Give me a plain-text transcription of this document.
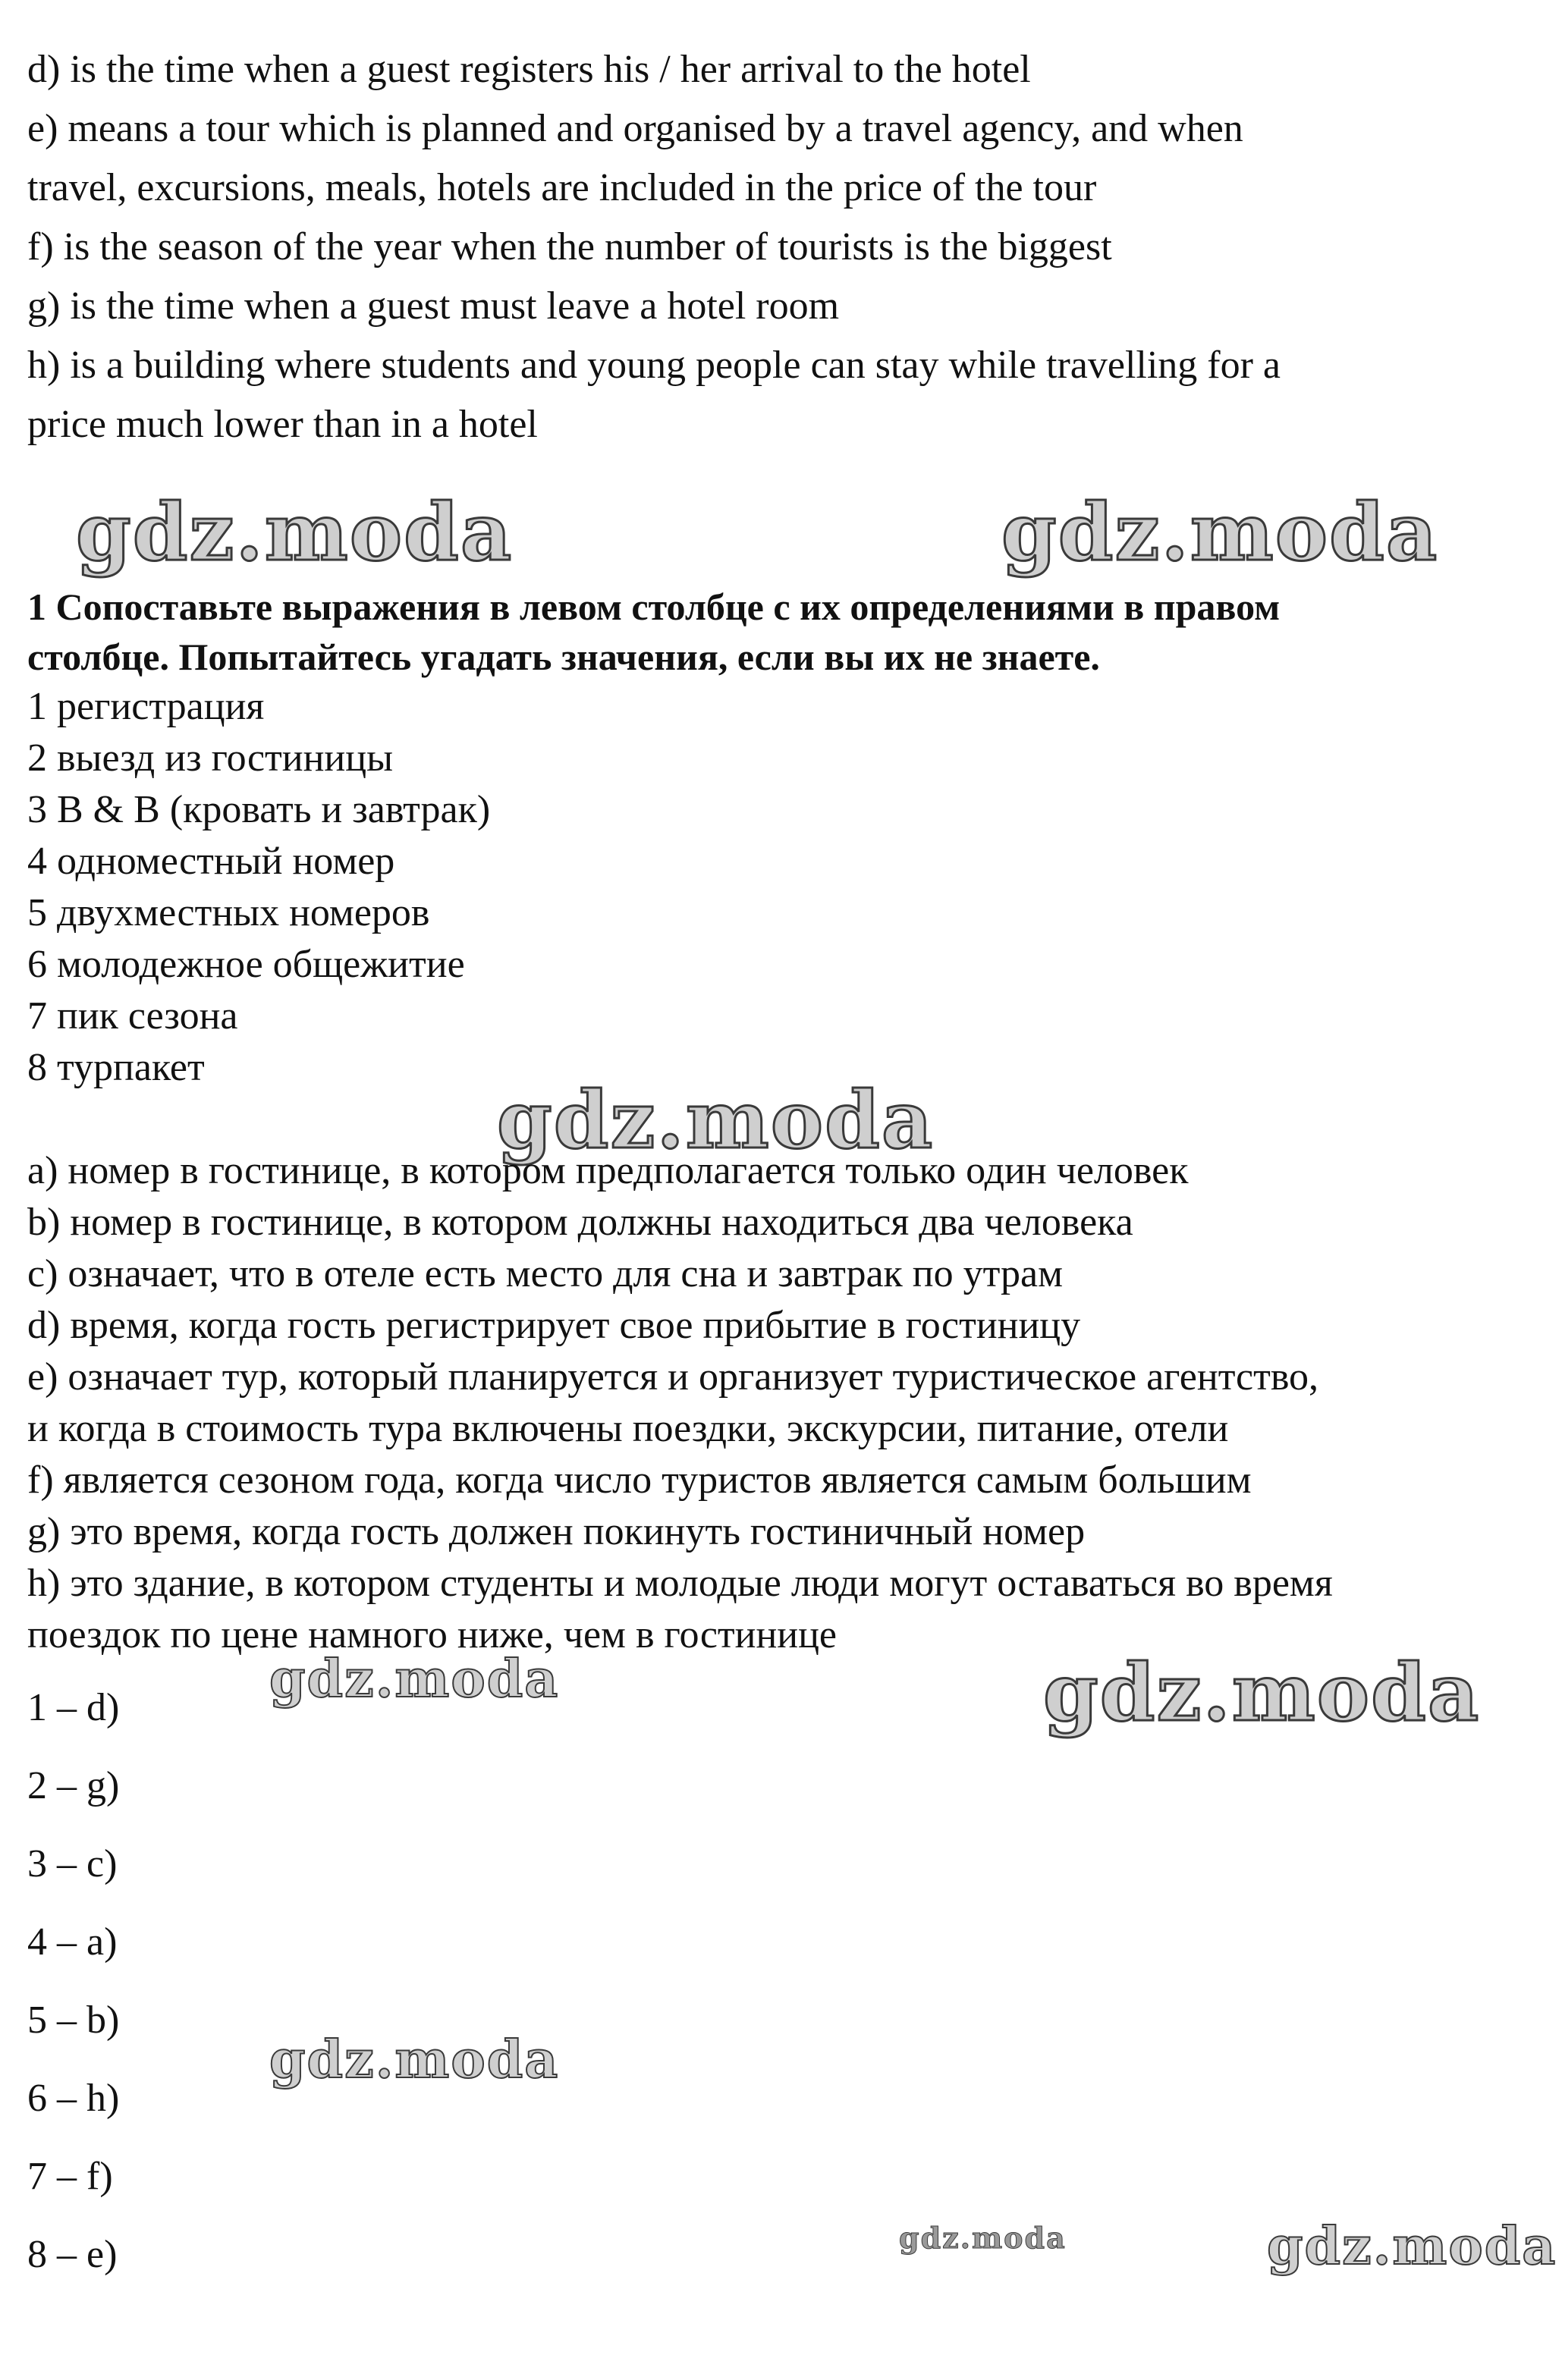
d) is the time when a guest registers his / her arrival to the hotel
e) means a tour which is planned and organised by a travel agency, and when
travel, excursions, meals, hotels are included in the price of the tour
f) is the season of the year when the number of tourists is the biggest
g) is the time when a guest must leave a hotel room
h) is a building where students and young people can stay while travelling for a
price much lower than in a hotel
gdz.moda	gdz.moda
1 Сопоставьте выражения в левом столбце с их определениями в правом
столбце. Попытайтесь угадать значения, если вы их не знаете.
1 регистрация
2 выезд из гостиницы
3 B & B (кровать и завтрак)
4 одноместный номер
5 двухместных номеров
6 молодежное общежитие
7 пик сезона
8 турпакет
gdz.moda
a) номер в гостинице, в котором предполагается только один человек
b) номер в гостинице, в котором должны находиться два человека
c) означает, что в отеле есть место для сна и завтрак по утрам
d) время, когда гость регистрирует свое прибытие в гостиницу
e) означает тур, который планируется и организует туристическое агентство,
и когда в стоимость тура включены поездки, экскурсии, питание, отели
f) является сезоном года, когда число туристов является самым большим
g) это время, когда гость должен покинуть гостиничный номер
h) это здание, в котором студенты и молодые люди могут оставаться во время
поездок по цене намного ниже, чем в гостинице
gdz.moda	gdz.moda
1 – d)
2 – g)
3 – c)
4 – a)
5 – b)
6 – h)
7 – f)
8 – e)
gdz.moda
gdz.moda	gdz.moda
